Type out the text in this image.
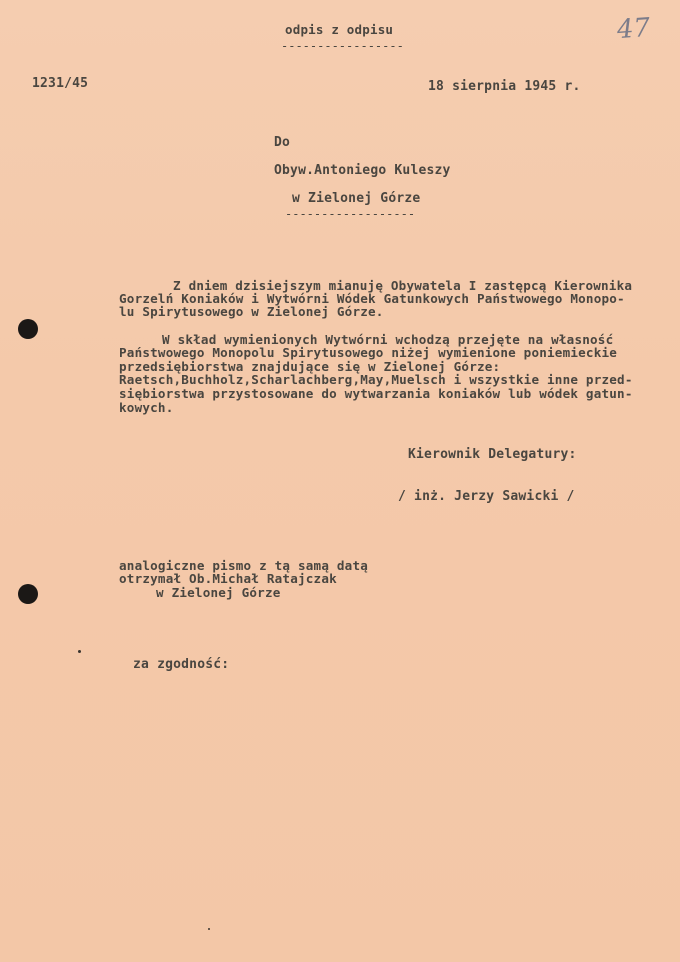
odpis z odpisu
-----------------
47
1231/45	18 sierpnia 1945 r.
Do
Obyw.Antoniego Kuleszy
w Zielonej Górze
------------------
Z dniem dzisiejszym mianuję Obywatela I zastępcą Kierownika
Gorzelń Koniaków i Wytwórni Wódek Gatunkowych Państwowego Monopo-
lu Spirytusowego w Zielonej Górze.
W skład wymienionych Wytwórni wchodzą przejęte na własność
Państwowego Monopolu Spirytusowego niżej wymienione poniemieckie
przedsiębiorstwa znajdujące się w Zielonej Górze:
Raetsch,Buchholz,Scharlachberg,May,Muelsch i wszystkie inne przed-
siębiorstwa przystosowane do wytwarzania koniaków lub wódek gatun-
kowych.
Kierownik Delegatury:
/ inż. Jerzy Sawicki /
analogiczne pismo z tą samą datą
otrzymał Ob.Michał Ratajczak
w Zielonej Górze
za zgodność:
